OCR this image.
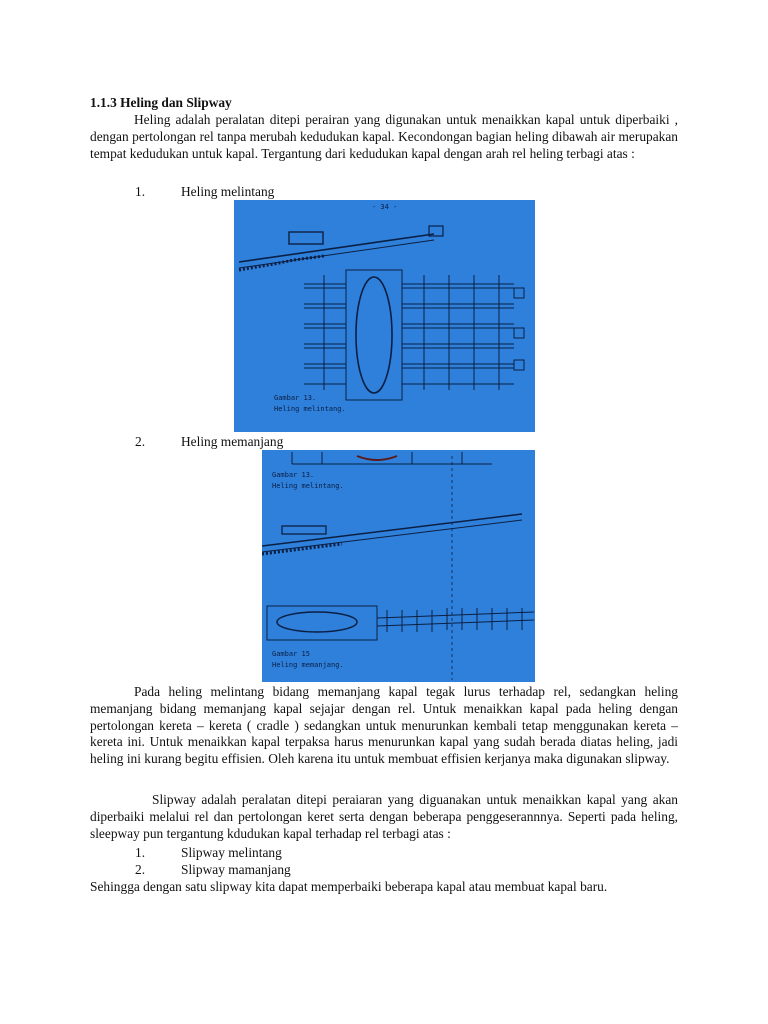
1.1.3 Heling dan Slipway

Heling adalah peralatan ditepi perairan yang digunakan untuk menaikkan kapal untuk diperbaiki , dengan pertolongan rel tanpa merubah kedudukan kapal. Kecondongan bagian heling dibawah air merupakan tempat kedudukan untuk kapal. Tergantung dari kedudukan kapal dengan arah rel heling terbagi atas :

1.	Heling melintang
- 34 -
Gambar 13.
Heling melintang.
2.	Heling memanjang
Gambar 13.
Heling melintang.
Gambar 15
Heling memanjang.

Pada heling melintang bidang memanjang kapal tegak lurus terhadap rel, sedangkan heling memanjang bidang memanjang kapal sejajar dengan rel. Untuk menaikkan kapal pada heling dengan pertolongan kereta – kereta ( cradle ) sedangkan untuk menurunkan kembali tetap menggunakan kereta – kereta ini. Untuk menaikkan kapal terpaksa harus menurunkan kapal yang sudah berada diatas heling, jadi heling ini kurang begitu effisien. Oleh karena itu untuk membuat effisien kerjanya maka digunakan slipway.

Slipway adalah peralatan ditepi peraiaran yang diguanakan untuk menaikkan kapal yang akan diperbaiki melalui rel dan pertolongan keret serta dengan beberapa penggeserannnya. Seperti pada heling, sleepway pun tergantung kdudukan kapal terhadap rel terbagi atas :

1.	Slipway melintang
2.	Slipway mamanjang
Sehingga dengan satu slipway kita dapat memperbaiki beberapa kapal atau membuat kapal baru.
